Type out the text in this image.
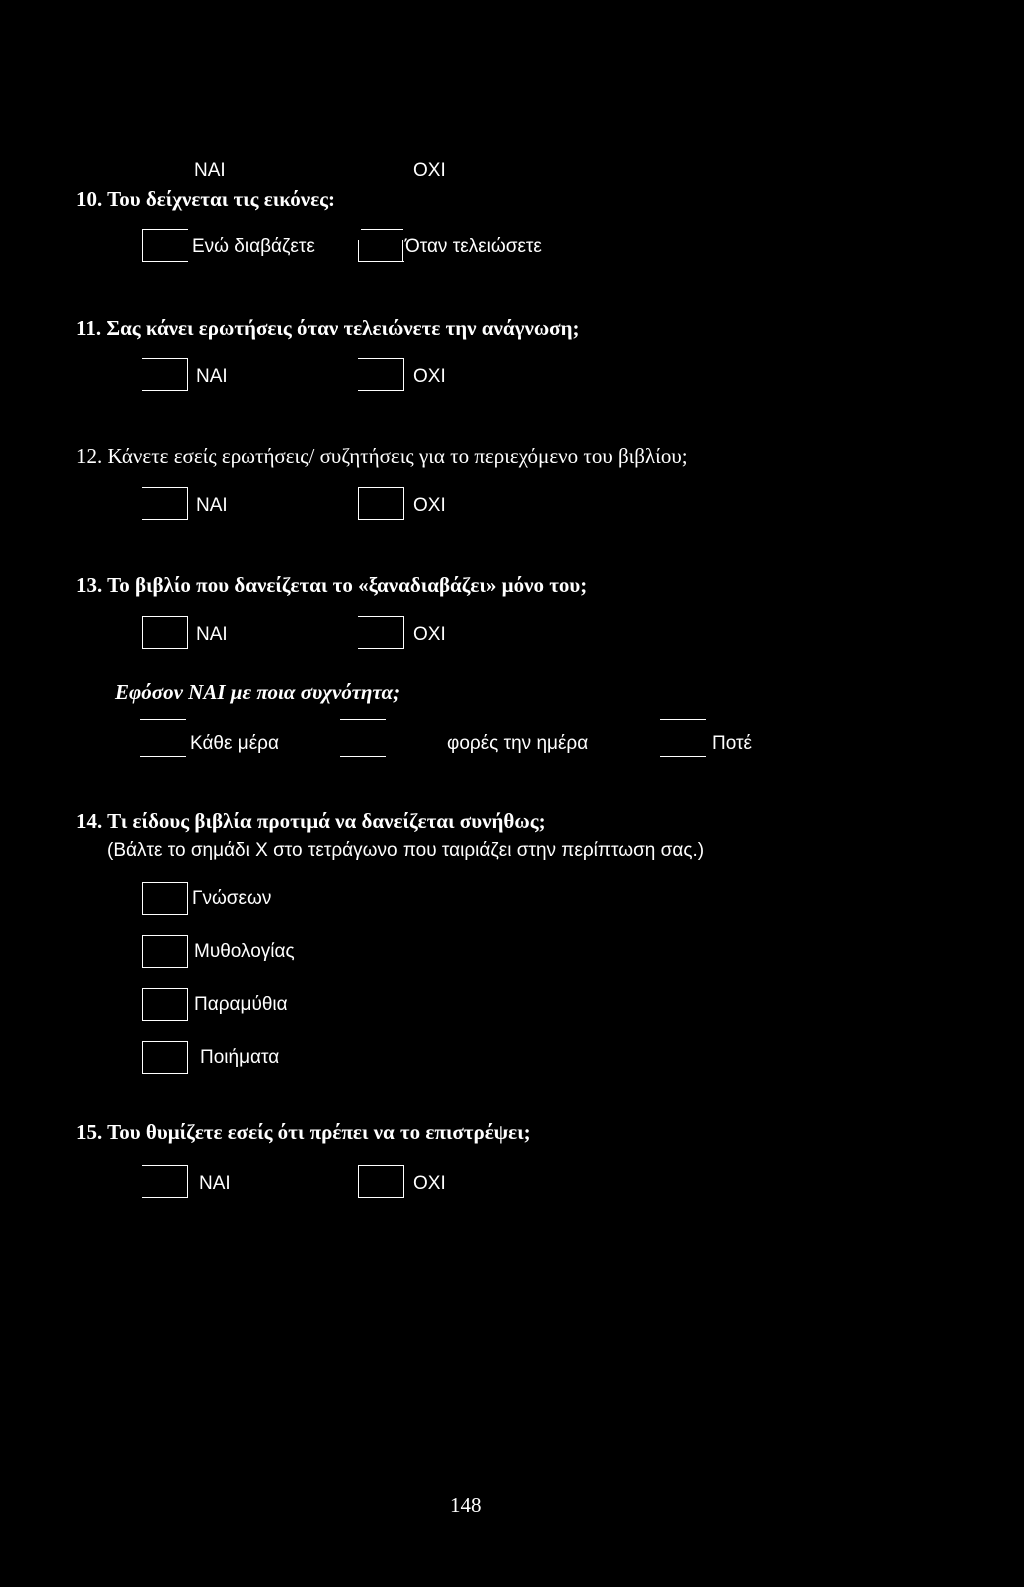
ΝΑΙ	ΟΧΙ
10. Του δείχνεται τις εικόνες:
Ενώ διαβάζετε	Όταν τελειώσετε
11. Σας κάνει ερωτήσεις όταν τελειώνετε την ανάγνωση;
ΝΑΙ	ΟΧΙ
12. Κάνετε εσείς ερωτήσεις/ συζητήσεις για το περιεχόμενο του βιβλίου;
ΝΑΙ	ΟΧΙ
13. Το βιβλίο που δανείζεται το «ξαναδιαβάζει» μόνο του;
ΝΑΙ	ΟΧΙ
Εφόσον ΝΑΙ με ποια συχνότητα;
Κάθε μέρα	φορές την ημέρα	Ποτέ
14. Τι είδους βιβλία προτιμά να δανείζεται συνήθως;
(Βάλτε το σημάδι Χ στο τετράγωνο που ταιριάζει στην περίπτωση σας.)
Γνώσεων
Μυθολογίας
Παραμύθια
Ποιήματα
15. Του θυμίζετε εσείς ότι πρέπει να το επιστρέψει;
ΝΑΙ	ΟΧΙ
148
